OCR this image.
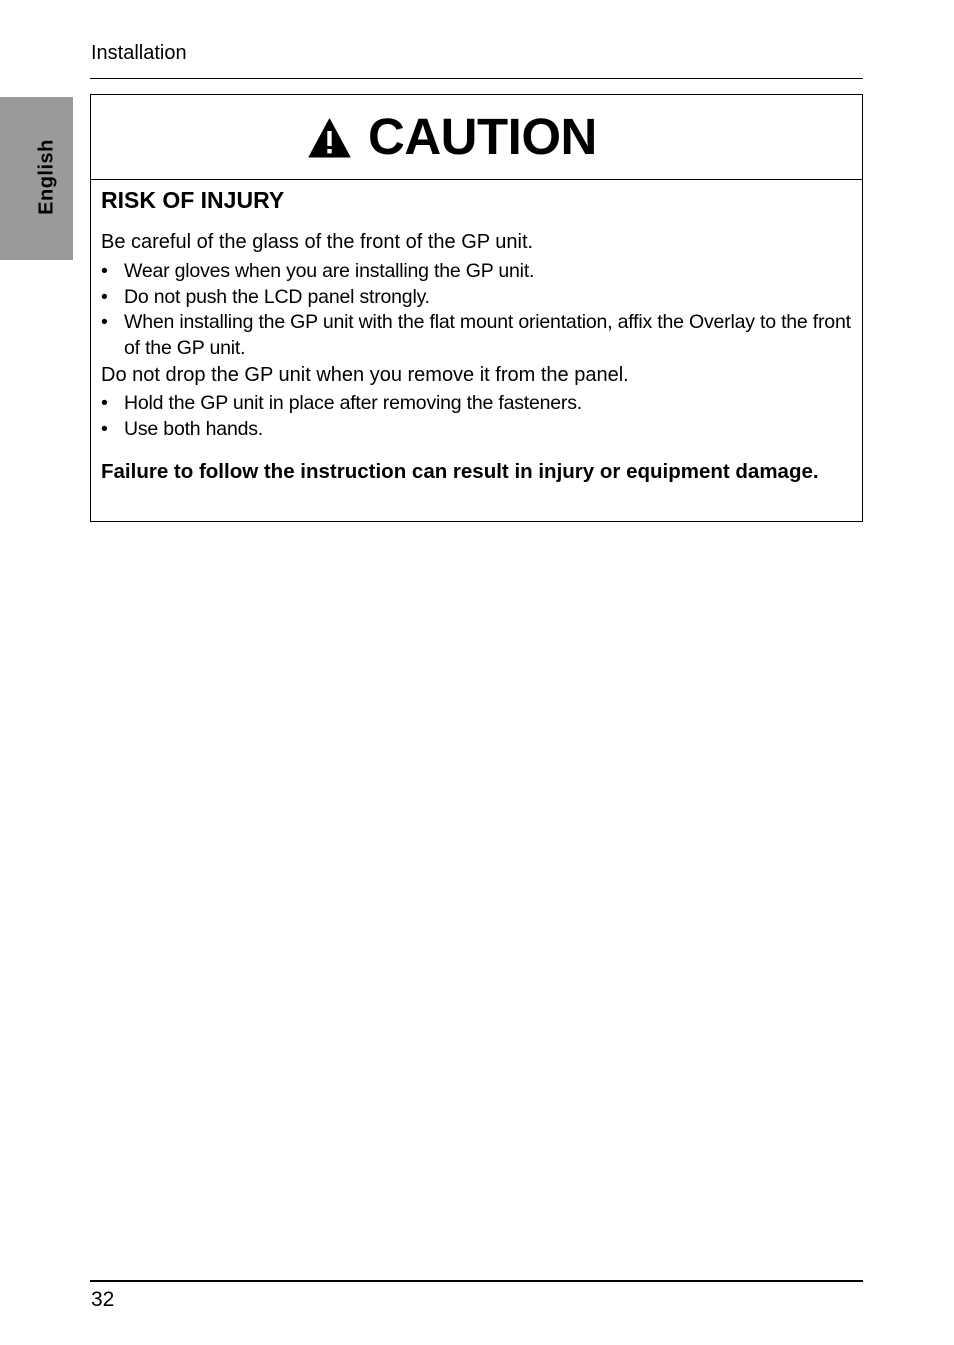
Installation
English
CAUTION
RISK OF INJURY
Be careful of the glass of the front of the GP unit.
• Wear gloves when you are installing the GP unit.
• Do not push the LCD panel strongly.
• When installing the GP unit with the flat mount orientation, affix the Overlay to the front of the GP unit.
Do not drop the GP unit when you remove it from the panel.
• Hold the GP unit in place after removing the fasteners.
• Use both hands.
Failure to follow the instruction can result in injury or equipment damage.
32
